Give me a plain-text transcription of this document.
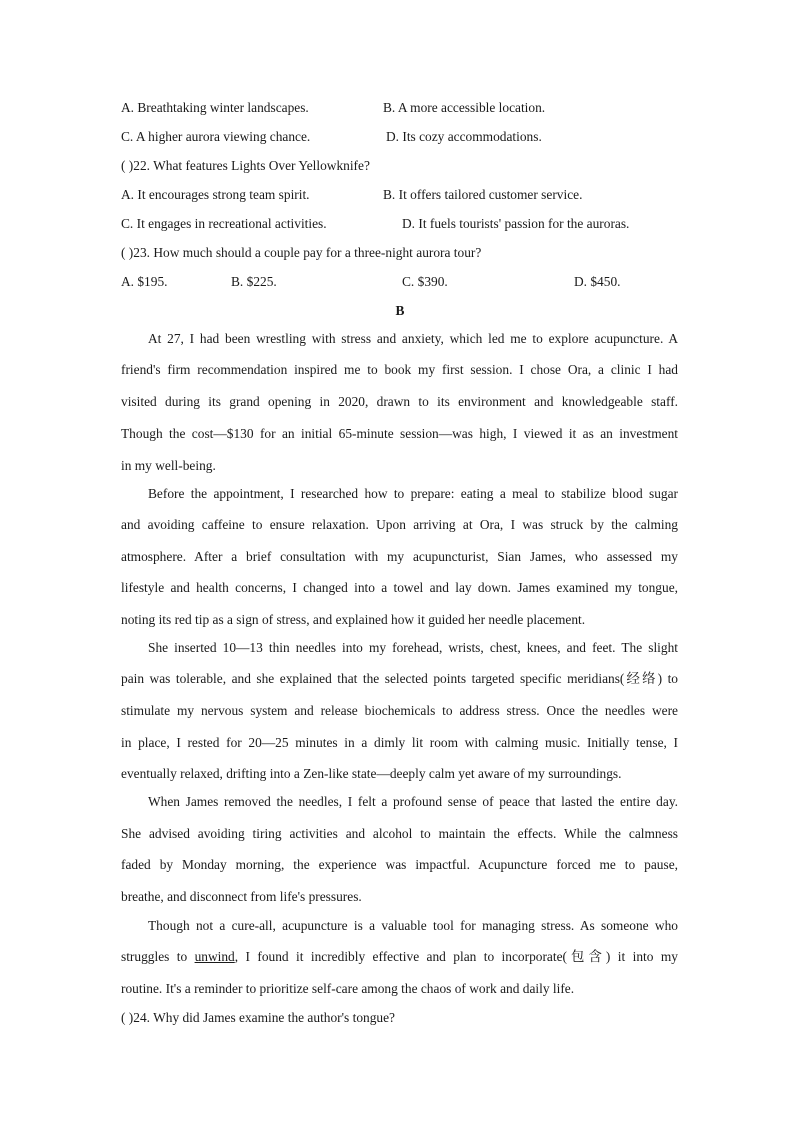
A. Breathtaking winter landscapes.	B. A more accessible location.
C. A higher aurora viewing chance.	D. Its cozy accommodations.
( )22. What features Lights Over Yellowknife?
A. It encourages strong team spirit.	B. It offers tailored customer service.
C. It engages in recreational activities.	D. It fuels tourists' passion for the auroras.
( )23. How much should a couple pay for a three-night aurora tour?
A. $195.	B. $225.	C. $390.	D. $450.
B
At 27, I had been wrestling with stress and anxiety, which led me to explore acupuncture. A
friend's firm recommendation inspired me to book my first session. I chose Ora, a clinic I had
visited during its grand opening in 2020, drawn to its environment and knowledgeable staff.
Though the cost—$130 for an initial 65-minute session—was high, I viewed it as an investment
in my well-being.
Before the appointment, I researched how to prepare: eating a meal to stabilize blood sugar
and avoiding caffeine to ensure relaxation. Upon arriving at Ora, I was struck by the calming
atmosphere. After a brief consultation with my acupuncturist, Sian James, who assessed my
lifestyle and health concerns, I changed into a towel and lay down. James examined my tongue,
noting its red tip as a sign of stress, and explained how it guided her needle placement.
She inserted 10—13 thin needles into my forehead, wrists, chest, knees, and feet. The slight
pain was tolerable, and she explained that the selected points targeted specific meridians(经络) to
stimulate my nervous system and release biochemicals to address stress. Once the needles were
in place, I rested for 20—25 minutes in a dimly lit room with calming music. Initially tense, I
eventually relaxed, drifting into a Zen-like state—deeply calm yet aware of my surroundings.
When James removed the needles, I felt a profound sense of peace that lasted the entire day.
She advised avoiding tiring activities and alcohol to maintain the effects. While the calmness
faded by Monday morning, the experience was impactful. Acupuncture forced me to pause,
breathe, and disconnect from life's pressures.
Though not a cure-all, acupuncture is a valuable tool for managing stress. As someone who
struggles to unwind, I found it incredibly effective and plan to incorporate(包含) it into my
routine. It's a reminder to prioritize self-care among the chaos of work and daily life.
( )24. Why did James examine the author's tongue?
